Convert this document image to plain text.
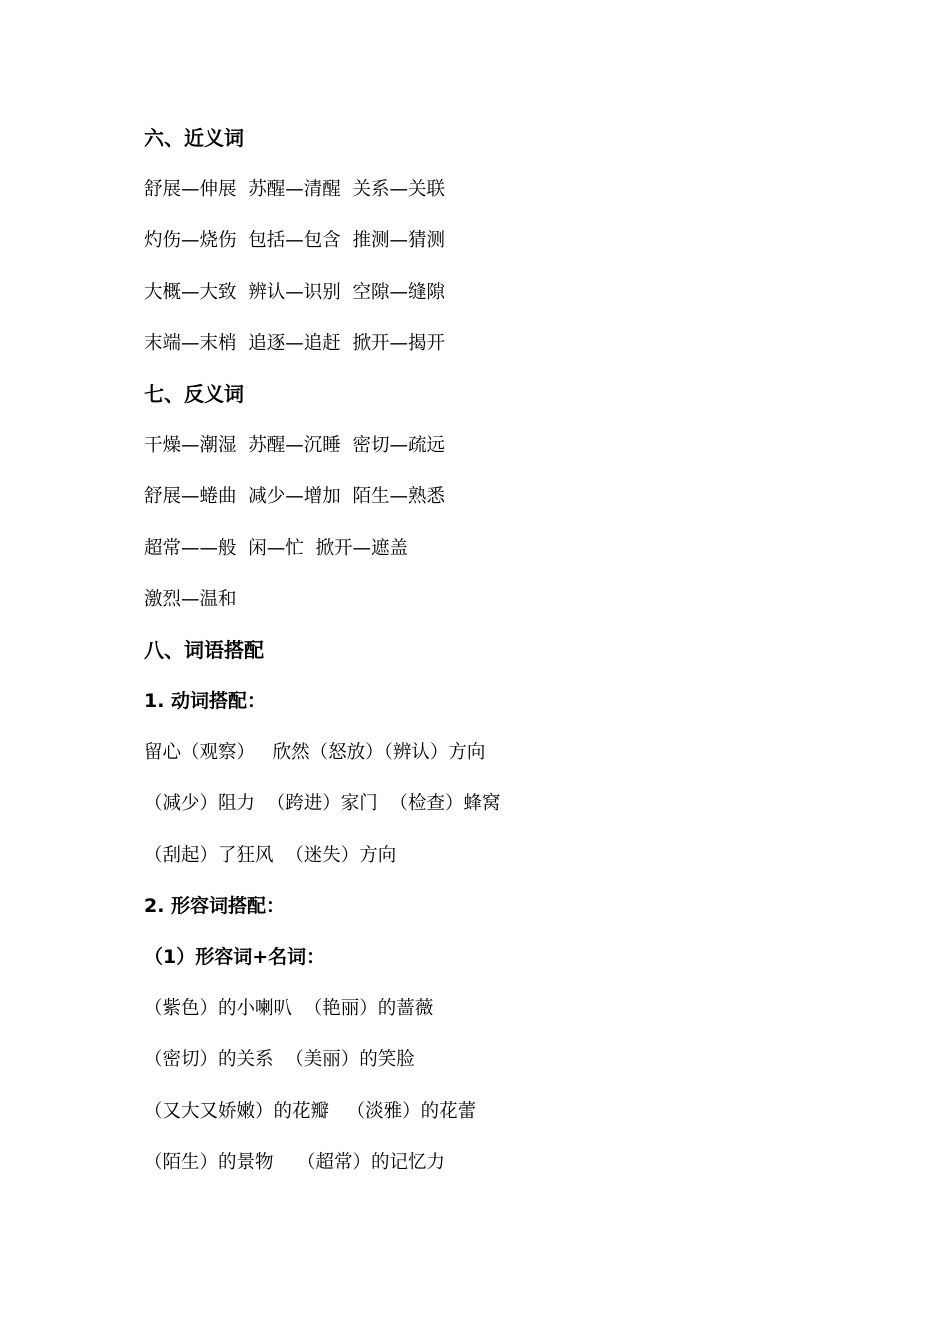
六、近义词
舒展—伸展  苏醒—清醒  关系—关联
灼伤—烧伤  包括—包含  推测—猜测
大概—大致  辨认—识别  空隙—缝隙
末端—末梢  追逐—追赶  掀开—揭开
七、反义词
干燥—潮湿  苏醒—沉睡  密切—疏远
舒展—蜷曲  减少—增加  陌生—熟悉
超常——般  闲—忙  掀开—遮盖
激烈—温和
八、词语搭配
1. 动词搭配：
留心（观察）   欣然（怒放）（辨认）方向
（减少）阻力  （跨进）家门  （检查）蜂窝
（刮起）了狂风  （迷失）方向
2. 形容词搭配：
（1）形容词+名词：
（紫色）的小喇叭  （艳丽）的蔷薇
（密切）的关系  （美丽）的笑脸
（又大又娇嫩）的花瓣   （淡雅）的花蕾
（陌生）的景物    （超常）的记忆力
